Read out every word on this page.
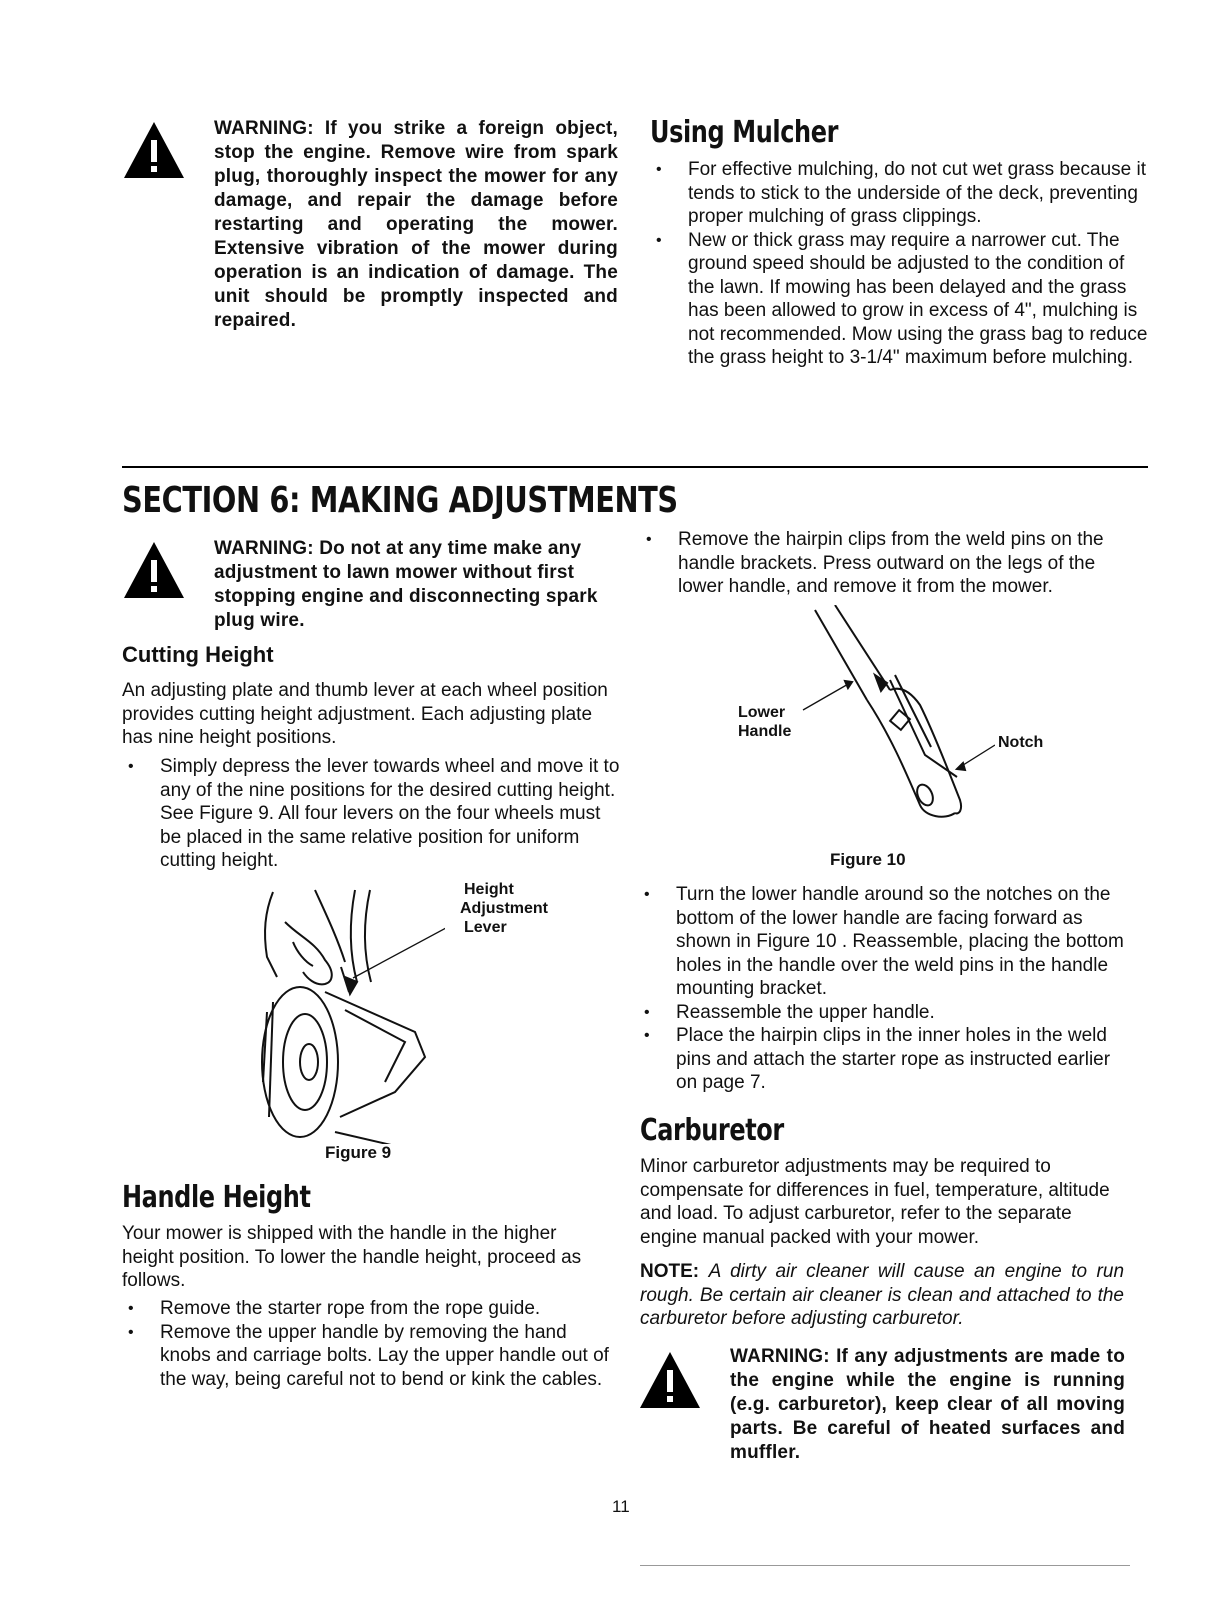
WARNING: If you strike a foreign object, stop the engine. Remove wire from spark plug, thoroughly inspect the mower for any damage, and repair the damage before restarting and operating the mower. Extensive vibration of the mower during operation is an indication of damage. The unit should be promptly inspected and repaired.
Using Mulcher
• For effective mulching, do not cut wet grass because it tends to stick to the underside of the deck, preventing proper mulching of grass clippings.
• New or thick grass may require a narrower cut. The ground speed should be adjusted to the condition of the lawn. If mowing has been delayed and the grass has been allowed to grow in excess of 4", mulching is not recommended. Mow using the grass bag to reduce the grass height to 3-1/4" maximum before mulching.
SECTION 6: MAKING ADJUSTMENTS
WARNING: Do not at any time make any adjustment to lawn mower without first stopping engine and disconnecting spark plug wire.
Cutting Height
An adjusting plate and thumb lever at each wheel position provides cutting height adjustment. Each adjusting plate has nine height positions.
• Simply depress the lever towards wheel and move it to any of the nine positions for the desired cutting height. See Figure 9. All four levers on the four wheels must be placed in the same relative position for uniform cutting height.
Height
Adjustment
Lever
Figure 9
Handle Height
Your mower is shipped with the handle in the higher height position. To lower the handle height, proceed as follows.
• Remove the starter rope from the rope guide.
• Remove the upper handle by removing the hand knobs and carriage bolts. Lay the upper handle out of the way, being careful not to bend or kink the cables.
• Remove the hairpin clips from the weld pins on the handle brackets. Press outward on the legs of the lower handle, and remove it from the mower.
Lower
Handle
Notch
Figure 10
• Turn the lower handle around so the notches on the bottom of the lower handle are facing forward as shown in Figure 10 . Reassemble, placing the bottom holes in the handle over the weld pins in the handle mounting bracket.
• Reassemble the upper handle.
• Place the hairpin clips in the inner holes in the weld pins and attach the starter rope as instructed earlier on page 7.
Carburetor
Minor carburetor adjustments may be required to compensate for differences in fuel, temperature, altitude and load. To adjust carburetor, refer to the separate engine manual packed with your mower.
NOTE: A dirty air cleaner will cause an engine to run rough. Be certain air cleaner is clean and attached to the carburetor before adjusting carburetor.
WARNING: If any adjustments are made to the engine while the engine is running (e.g. carburetor), keep clear of all moving parts. Be careful of heated surfaces and muffler.
11
